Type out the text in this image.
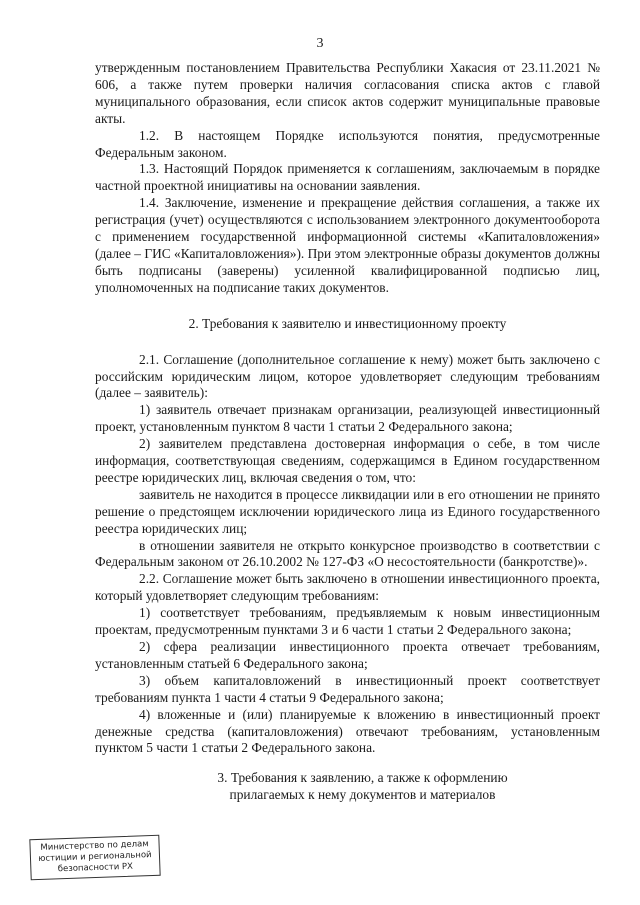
3

утвержденным постановлением Правительства Республики Хакасия от 23.11.2021 № 606, а также путем проверки наличия согласования списка актов с главой муниципального образования, если список актов содержит муниципальные правовые акты.

1.2. В настоящем Порядке используются понятия, предусмотренные Федеральным законом.

1.3. Настоящий Порядок применяется к соглашениям, заключаемым в порядке частной проектной инициативы на основании заявления.

1.4. Заключение, изменение и прекращение действия соглашения, а также их регистрация (учет) осуществляются с использованием электронного документооборота с применением государственной информационной системы «Капиталовложения» (далее – ГИС «Капиталовложения»). При этом электронные образы документов должны быть подписаны (заверены) усиленной квалифицированной подписью лиц, уполномоченных на подписание таких документов.

2. Требования к заявителю и инвестиционному проекту

2.1. Соглашение (дополнительное соглашение к нему) может быть заключено с российским юридическим лицом, которое удовлетворяет следующим требованиям (далее – заявитель):

1) заявитель отвечает признакам организации, реализующей инвестиционный проект, установленным пунктом 8 части 1 статьи 2 Федерального закона;

2) заявителем представлена достоверная информация о себе, в том числе информация, соответствующая сведениям, содержащимся в Едином государственном реестре юридических лиц, включая сведения о том, что:

заявитель не находится в процессе ликвидации или в его отношении не принято решение о предстоящем исключении юридического лица из Единого государственного реестра юридических лиц;

в отношении заявителя не открыто конкурсное производство в соответствии с Федеральным законом от 26.10.2002 № 127-ФЗ «О несостоятельности (банкротстве)».

2.2. Соглашение может быть заключено в отношении инвестиционного проекта, который удовлетворяет следующим требованиям:

1) соответствует требованиям, предъявляемым к новым инвестиционным проектам, предусмотренным пунктами 3 и 6 части 1 статьи 2 Федерального закона;

2) сфера реализации инвестиционного проекта отвечает требованиям, установленным статьей 6 Федерального закона;

3) объем капиталовложений в инвестиционный проект соответствует требованиям пункта 1 части 4 статьи 9 Федерального закона;

4) вложенные и (или) планируемые к вложению в инвестиционный проект денежные средства (капиталовложения) отвечают требованиям, установленным пунктом 5 части 1 статьи 2 Федерального закона.

3. Требования к заявлению, а также к оформлению
прилагаемых к нему документов и материалов
Министерство по делам
юстиции и региональной
безопасности РХ
